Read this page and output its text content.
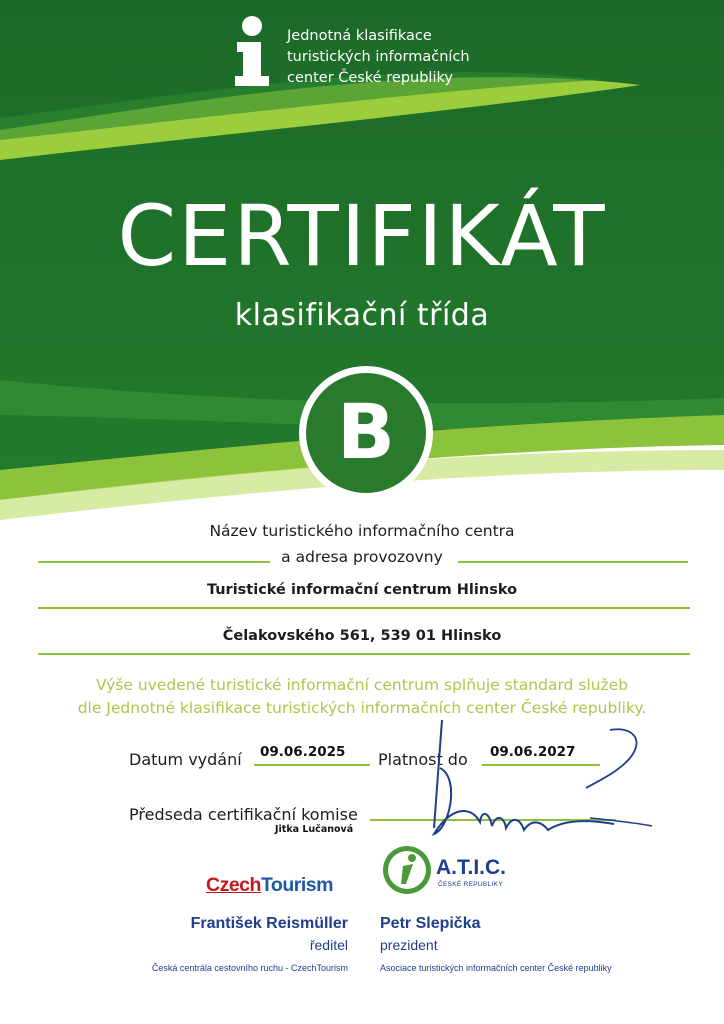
Jednotná klasifikace
turistických informačních
center České republiky
CERTIFIKÁT
klasifikační třída
B
Název turistického informačního centra
a adresa provozovny
Turistické informační centrum Hlinsko
Čelakovského 561, 539 01 Hlinsko
Výše uvedené turistické informační centrum splňuje standard služeb
dle Jednotné klasifikace turistických informačních center České republiky.
Datum vydání 09.06.2025 Platnost do 09.06.2027
Předseda certifikační komise
Jitka Lučanová
CzechTourism
A.T.I.C.
ČESKÉ REPUBLIKY
František Reismüller
ředitel
Česká centrála cestovního ruchu - CzechTourism
Petr Slepička
prezident
Asociace turistických informačních center České republiky
